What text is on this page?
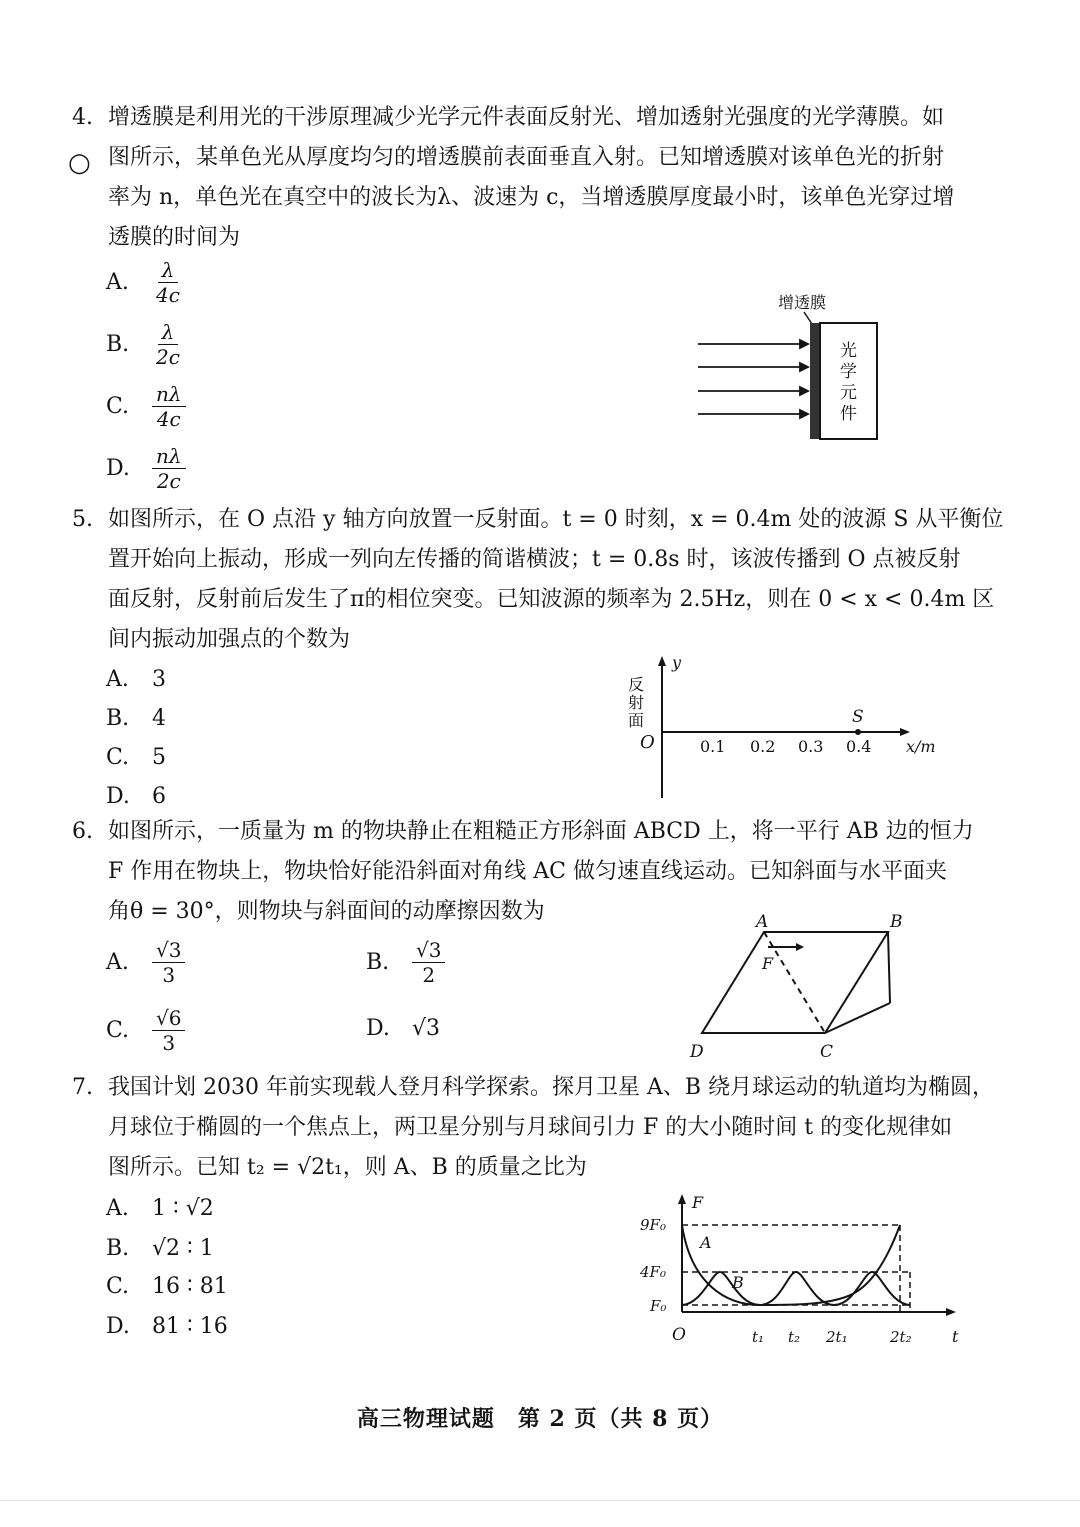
○
4. 增透膜是利用光的干涉原理减少光学元件表面反射光、增加透射光强度的光学薄膜。如
图所示，某单色光从厚度均匀的增透膜前表面垂直入射。已知增透膜对该单色光的折射
率为 n，单色光在真空中的波长为λ、波速为 c，当增透膜厚度最小时，该单色光穿过增
透膜的时间为
A.	$\frac{\lambda}{4c}$
B.	$\frac{\lambda}{2c}$
C.	$\frac{n\lambda}{4c}$
D.	$\frac{n\lambda}{2c}$
增透膜
光
学
元
件
5. 如图所示，在 O 点沿 y 轴方向放置一反射面。t = 0 时刻，x = 0.4m 处的波源 S 从平衡位
置开始向上振动，形成一列向左传播的简谐横波；t = 0.8s 时，该波传播到 O 点被反射
面反射，反射前后发生了π的相位突变。已知波源的频率为 2.5Hz，则在 0 < x < 0.4m 区
间内振动加强点的个数为
A.	3
B.	4
C.	5
D.	6
反
射
面
y
O	0.1 0.2 0.3 0.4 x/m
S
6. 如图所示，一质量为 m 的物块静止在粗糙正方形斜面 ABCD 上，将一平行 AB 边的恒力
F 作用在物块上，物块恰好能沿斜面对角线 AC 做匀速直线运动。已知斜面与水平面夹
角θ = 30°，则物块与斜面间的动摩擦因数为
A.	$\frac{√3}{3}$	B.	$\frac{√3}{2}$
C.	$\frac{√6}{3}$	D.	√3
A	B
D	C
F
7. 我国计划 2030 年前实现载人登月科学探索。探月卫星 A、B 绕月球运动的轨道均为椭圆，
月球位于椭圆的一个焦点上，两卫星分别与月球间引力 F 的大小随时间 t 的变化规律如
图所示。已知 t₂ = √2t₁，则 A、B 的质量之比为
A.	1 ∶ √2
B.	√2 ∶ 1
C.	16 ∶ 81
D.	81 ∶ 16
F
t
9F₀
4F₀
F₀
O
A
B
t₁ t₂ 2t₁	2t₂
高三物理试题　第 2 页（共 8 页）
